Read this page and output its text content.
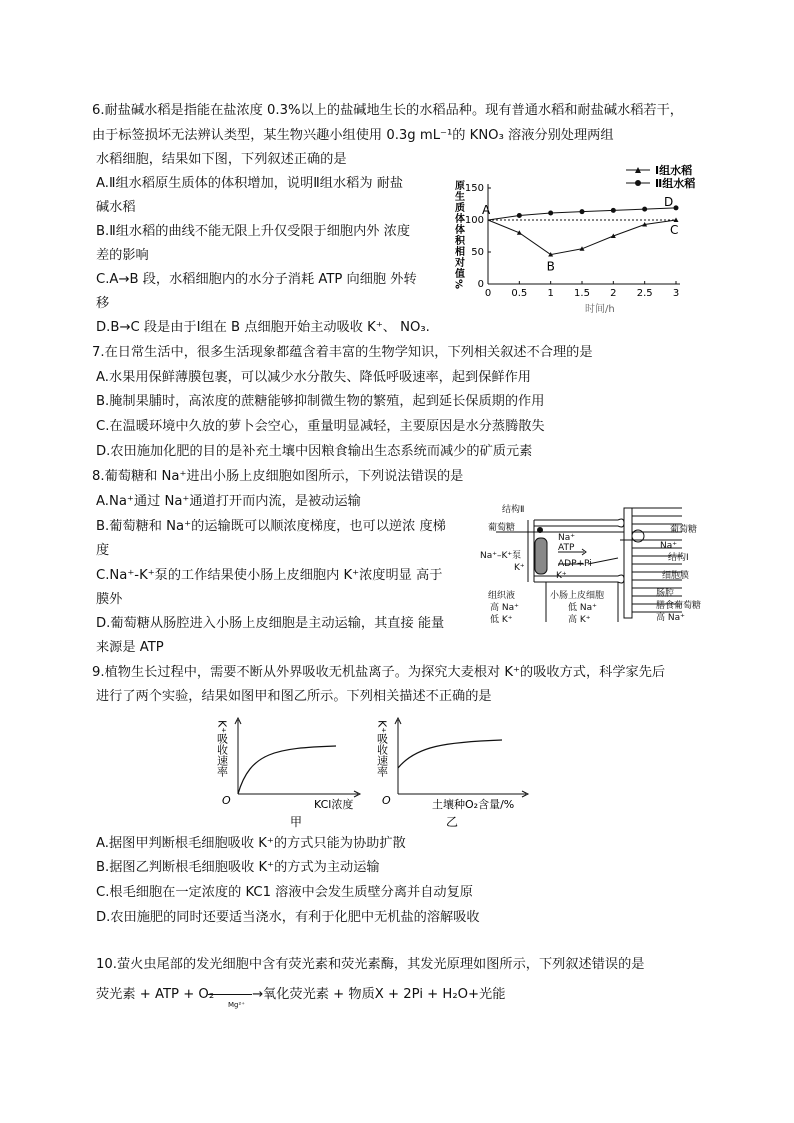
6.耐盐碱水稻是指能在盐浓度 0.3%以上的盐碱地生长的水稻品种。现有普通水稻和耐盐碱水稻若干，
由于标签损坏无法辨认类型，某生物兴趣小组使用 0.3g mL⁻¹的 KNO₃ 溶液分别处理两组
水稻细胞，结果如下图，下列叙述正确的是
A.Ⅱ组水稻原生质体的体积增加，说明Ⅱ组水稻为 耐盐
碱水稻
B.Ⅱ组水稻的曲线不能无限上升仅受限于细胞内外 浓度
差的影响
C.A→B 段，水稻细胞内的水分子消耗 ATP 向细胞 外转
移
D.B→C 段是由于Ⅰ组在 B 点细胞开始主动吸收 K⁺、 NO₃.
Ⅰ组水稻
Ⅱ组水稻
原生质体体积相对值% 0
50
100
150
0 0.5 1 1.5 2 2.5 3
时间/h
A
B
C
D
7.在日常生活中，很多生活现象都蕴含着丰富的生物学知识，下列相关叙述不合理的是
A.水果用保鲜薄膜包裹，可以减少水分散失、降低呼吸速率，起到保鲜作用
B.腌制果脯时，高浓度的蔗糖能够抑制微生物的繁殖，起到延长保质期的作用
C.在温暖环境中久放的萝卜会空心，重量明显减轻，主要原因是水分蒸腾散失
D.农田施加化肥的目的是补充土壤中因粮食输出生态系统而减少的矿质元素
8.葡萄糖和 Na⁺进出小肠上皮细胞如图所示，下列说法错误的是
A.Na⁺通过 Na⁺通道打开而内流，是被动运输
B.葡萄糖和 Na⁺的运输既可以顺浓度梯度，也可以逆浓 度梯
度
C.Na⁺-K⁺泵的工作结果使小肠上皮细胞内 K⁺浓度明显 高于
膜外
D.葡萄糖从肠腔进入小肠上皮细胞是主动运输，其直接 能量
来源是 ATP
结构Ⅱ
葡萄糖
Na⁺
ATP
Na⁺–K⁺泵
ADP+Pi
K⁺
K⁺
葡萄糖
Na⁺
结构Ⅰ
细胞膜
组织液
高 Na⁺
低 K⁺
小肠上皮细胞
低 Na⁺
高 K⁺
肠腔
膳食葡萄糖
高 Na⁺
9.植物生长过程中，需要不断从外界吸收无机盐离子。为探究大麦根对 K⁺的吸收方式，科学家先后
进行了两个实验，结果如图甲和图乙所示。下列相关描述不正确的是
K⁺吸收速率
O	KCl浓度
甲
K⁺吸收速率
O	土壤种O₂含量/%
乙
A.据图甲判断根毛细胞吸收 K⁺的方式只能为协助扩散
B.据图乙判断根毛细胞吸收 K⁺的方式为主动运输
C.根毛细胞在一定浓度的 KC1 溶液中会发生质壁分离并自动复原
D.农田施肥的同时还要适当浇水，有利于化肥中无机盐的溶解吸收
10.萤火虫尾部的发光细胞中含有荧光素和荧光素酶，其发光原理如图所示，下列叙述错误的是
荧光素 + ATP + O₂
Mg²⁺
→氧化荧光素 + 物质X + 2Pi + H₂O+光能
